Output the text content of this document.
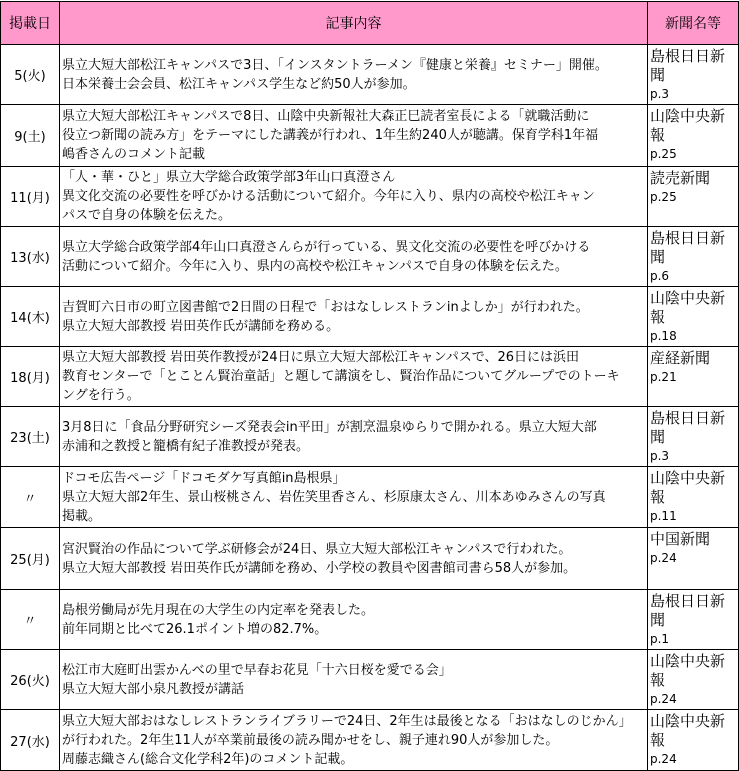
掲載日	記事内容	新聞名等
5(火)	県立大短大部松江キャンパスで3日、「インスタントラーメン『健康と栄養』セミナー」開催。
日本栄養士会会員、松江キャンパス学生など約50人が参加。	島根日日新聞
p.3

9(土)	県立大短大部松江キャンパスで8日、山陰中央新報社大森正巳読者室長による「就職活動に
役立つ新聞の読み方」をテーマにした講義が行われ、1年生約240人が聴講。保育学科1年福
嶋香さんのコメント記載	山陰中央新報
p.25

11(月)	「人・華・ひと」県立大学総合政策学部3年山口真澄さん
異文化交流の必要性を呼びかける活動について紹介。今年に入り、県内の高校や松江キャン
パスで自身の体験を伝えた。	読売新聞
p.25

13(水)	県立大学総合政策学部4年山口真澄さんらが行っている、異文化交流の必要性を呼びかける
活動について紹介。今年に入り、県内の高校や松江キャンパスで自身の体験を伝えた。	島根日日新聞
p.6

14(木)	吉賀町六日市の町立図書館で2日間の日程で「おはなしレストランinよしか」が行われた。
県立大短大部教授 岩田英作氏が講師を務める。	山陰中央新報
p.18

18(月)	県立大短大部教授 岩田英作教授が24日に県立大短大部松江キャンパスで、26日には浜田
教育センターで「とことん賢治童話」と題して講演をし、賢治作品についてグループでのトーキ
ングを行う。	産経新聞
p.21

23(土)	3月8日に「食品分野研究シーズ発表会in平田」が割烹温泉ゆらりで開かれる。県立大短大部
赤浦和之教授と籠橋有紀子准教授が発表。	島根日日新聞
p.3

〃	ドコモ広告ページ「ドコモダケ写真館in島根県」
県立大短大部2年生、景山桜桃さん、岩佐笑里香さん、杉原康太さん、川本あゆみさんの写真
掲載。	山陰中央新報
p.11

25(月)	宮沢賢治の作品について学ぶ研修会が24日、県立大短大部松江キャンパスで行われた。
県立大短大部教授 岩田英作氏が講師を務め、小学校の教員や図書館司書ら58人が参加。	中国新聞
p.24

〃	島根労働局が先月現在の大学生の内定率を発表した。
前年同期と比べて26.1ポイント増の82.7%。	島根日日新聞
p.1

26(火)	松江市大庭町出雲かんべの里で早春お花見「十六日桜を愛でる会」
県立大短大部小泉凡教授が講話	山陰中央新報
p.24

27(水)	県立大短大部おはなしレストランライブラリーで24日、2年生は最後となる「おはなしのじかん」
が行われた。2年生11人が卒業前最後の読み聞かせをし、親子連れ90人が参加した。
周藤志織さん(総合文化学科2年)のコメント記載。	山陰中央新報
p.24
